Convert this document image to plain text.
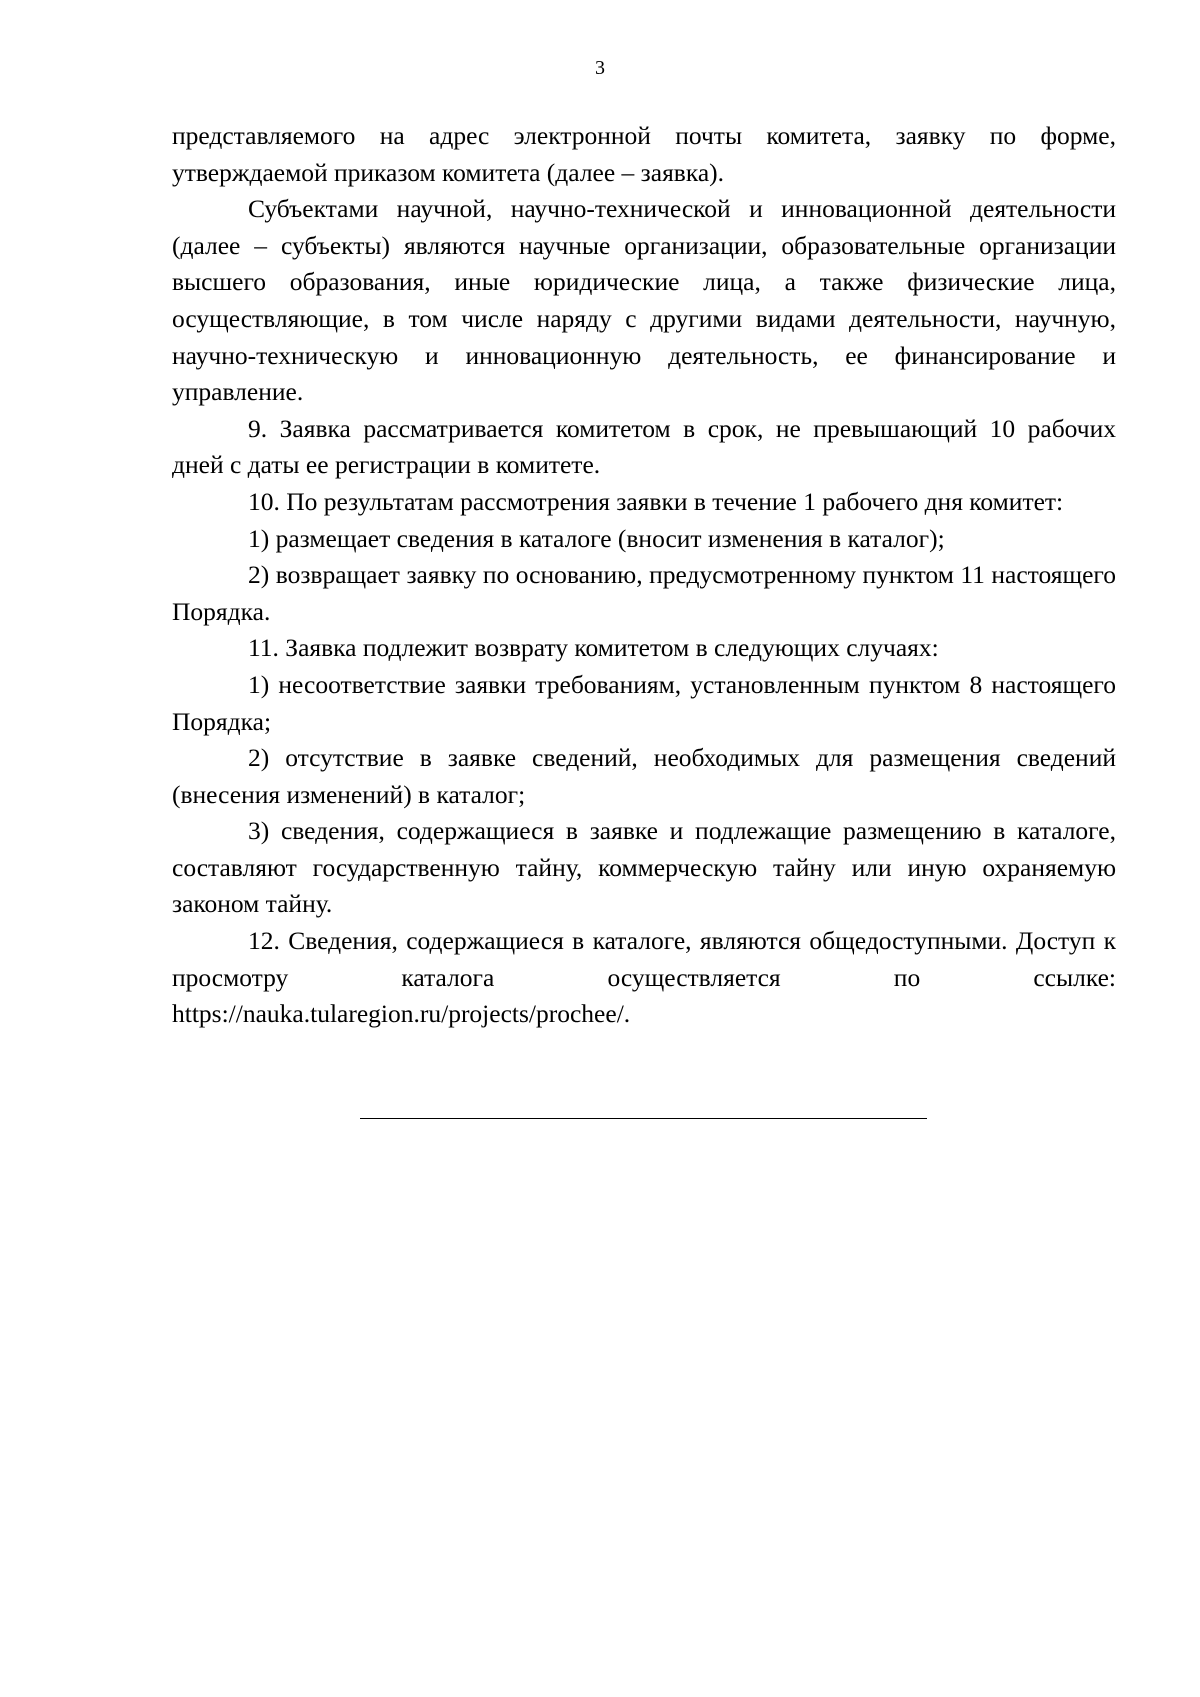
3

представляемого на адрес электронной почты комитета, заявку по форме, утверждаемой приказом комитета (далее – заявка).

Субъектами научной, научно-технической и инновационной деятельности (далее – субъекты) являются научные организации, образовательные организации высшего образования, иные юридические лица, а также физические лица, осуществляющие, в том числе наряду с другими видами деятельности, научную, научно-техническую и инновационную деятельность, ее финансирование и управление.

9. Заявка рассматривается комитетом в срок, не превышающий 10 рабочих дней с даты ее регистрации в комитете.

10. По результатам рассмотрения заявки в течение 1 рабочего дня комитет:

1) размещает сведения в каталоге (вносит изменения в каталог);

2) возвращает заявку по основанию, предусмотренному пунктом 11 настоящего Порядка.

11. Заявка подлежит возврату комитетом в следующих случаях:

1) несоответствие заявки требованиям, установленным пунктом 8 настоящего Порядка;

2) отсутствие в заявке сведений, необходимых для размещения сведений (внесения изменений) в каталог;

3) сведения, содержащиеся в заявке и подлежащие размещению в каталоге, составляют государственную тайну, коммерческую тайну или иную охраняемую законом тайну.

12. Сведения, содержащиеся в каталоге, являются общедоступными. Доступ к просмотру каталога осуществляется по ссылке: https://nauka.tularegion.ru/projects/prochee/.
